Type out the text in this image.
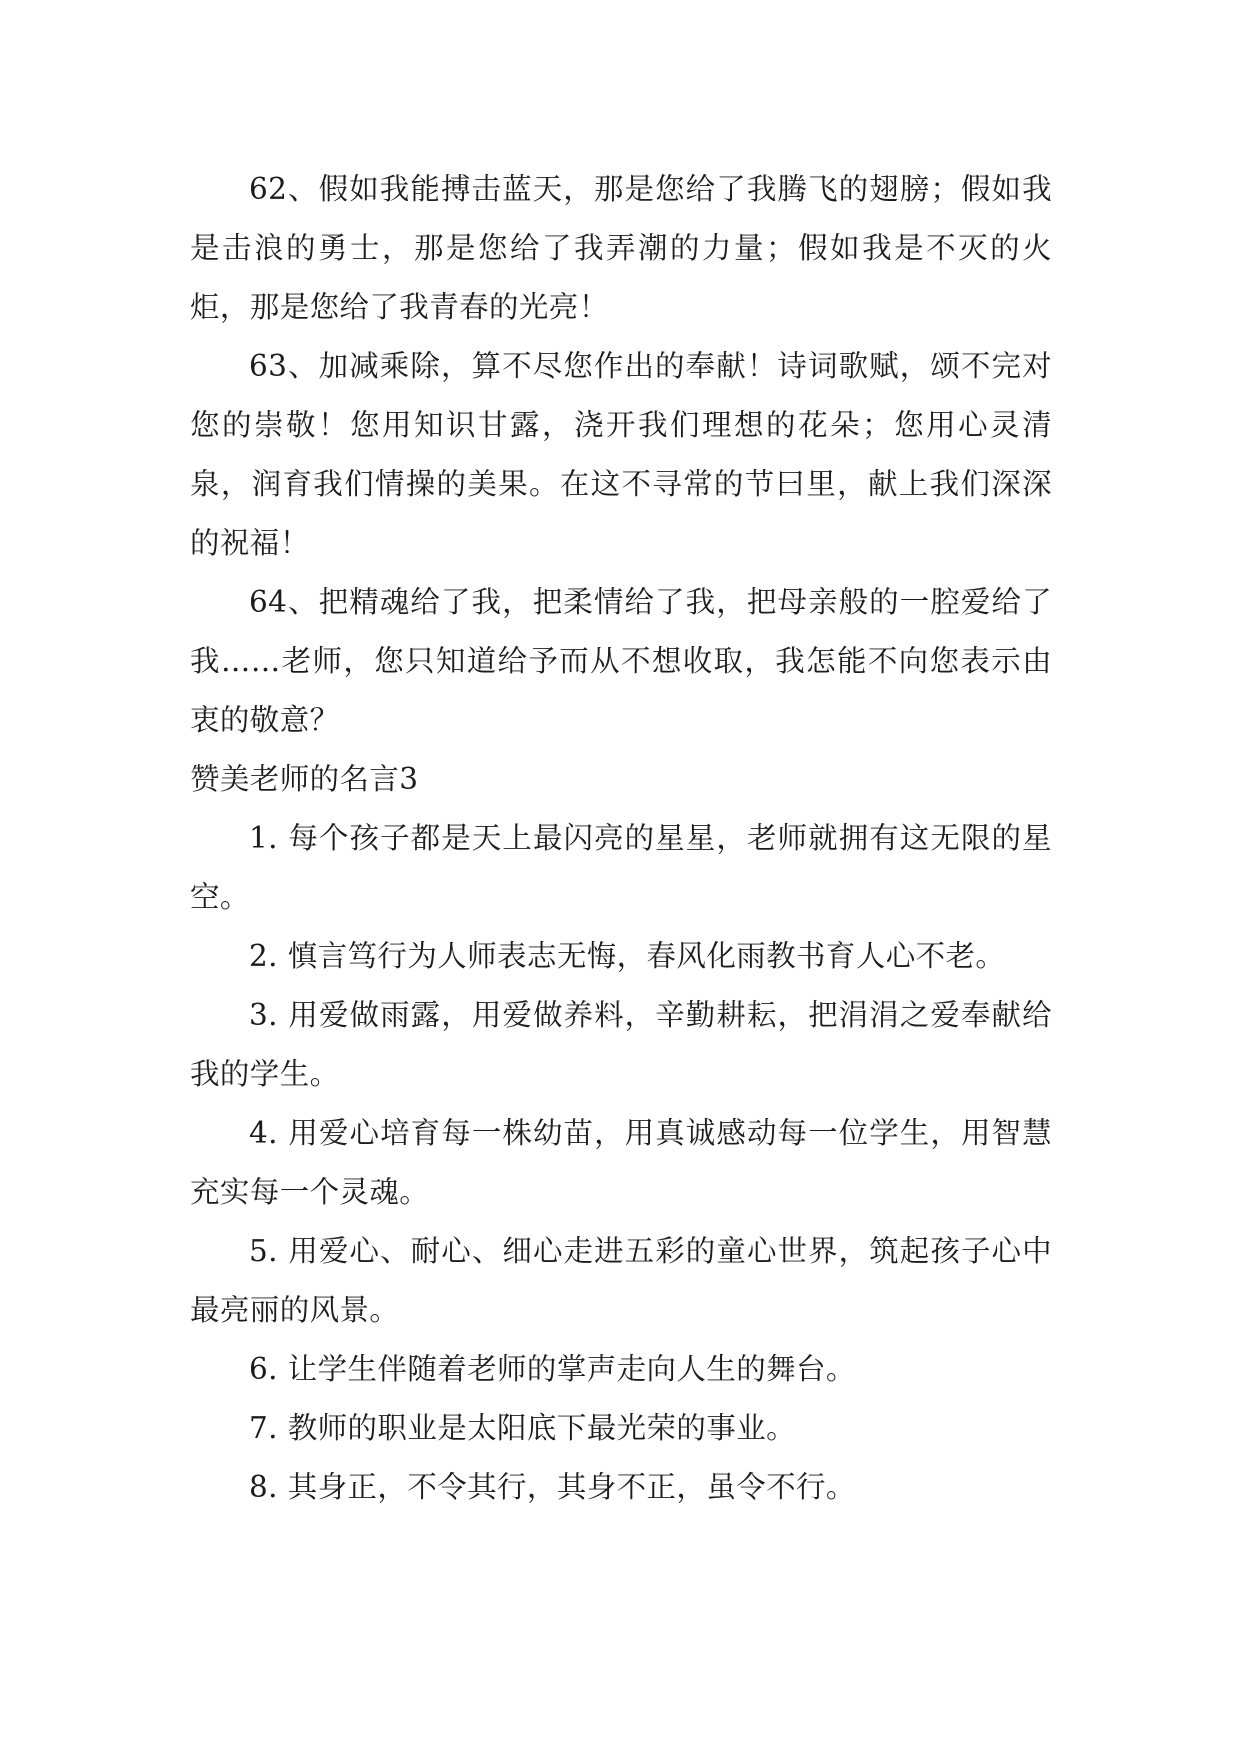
62、假如我能搏击蓝天，那是您给了我腾飞的翅膀；假如我是击浪的勇士，那是您给了我弄潮的力量；假如我是不灭的火炬，那是您给了我青春的光亮！

63、加减乘除，算不尽您作出的奉献！诗词歌赋，颂不完对您的崇敬！您用知识甘露，浇开我们理想的花朵；您用心灵清泉，润育我们情操的美果。在这不寻常的节曰里，献上我们深深的祝福！

64、把精魂给了我，把柔情给了我，把母亲般的一腔爱给了我……老师，您只知道给予而从不想收取，我怎能不向您表示由衷的敬意？

赞美老师的名言3

1. 每个孩子都是天上最闪亮的星星，老师就拥有这无限的星空。

2. 慎言笃行为人师表志无悔，春风化雨教书育人心不老。

3. 用爱做雨露，用爱做养料，辛勤耕耘，把涓涓之爱奉献给我的学生。

4. 用爱心培育每一株幼苗，用真诚感动每一位学生，用智慧充实每一个灵魂。

5. 用爱心、耐心、细心走进五彩的童心世界，筑起孩子心中最亮丽的风景。

6. 让学生伴随着老师的掌声走向人生的舞台。

7. 教师的职业是太阳底下最光荣的事业。

8. 其身正，不令其行，其身不正，虽令不行。
